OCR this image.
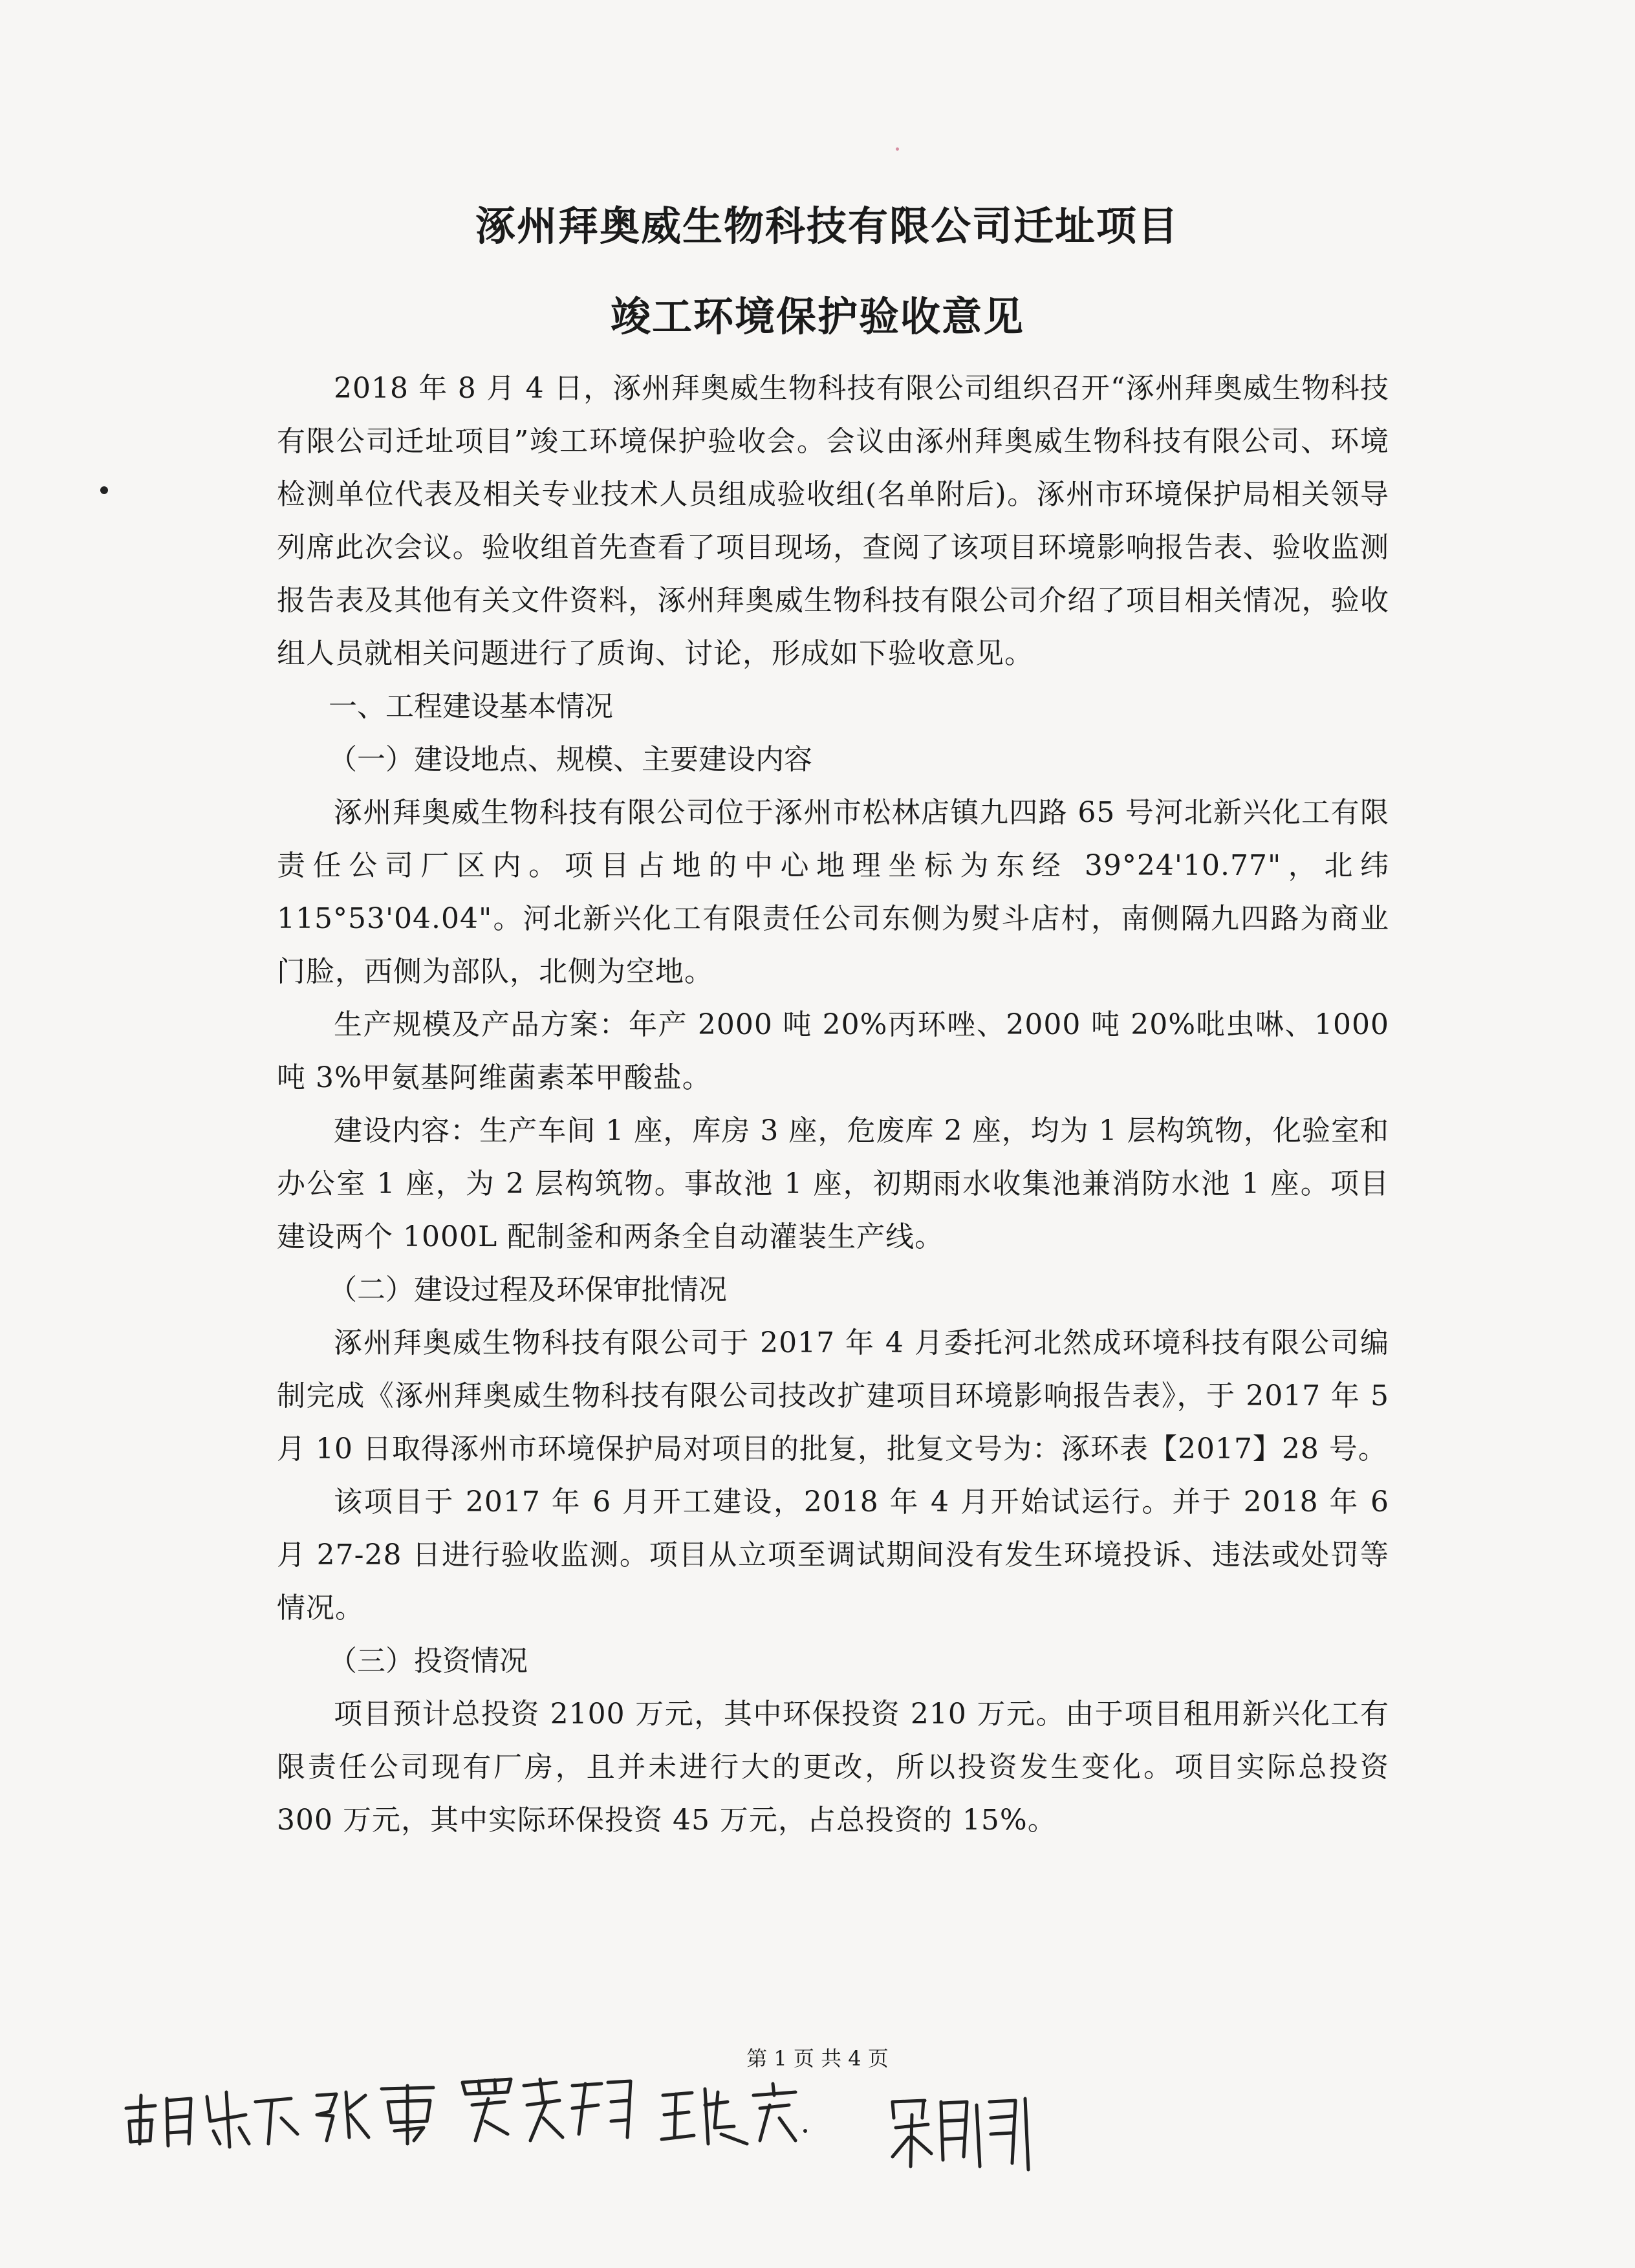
涿州拜奥威生物科技有限公司迁址项目
竣工环境保护验收意见

2018 年 8 月 4 日，涿州拜奥威生物科技有限公司组织召开“涿州拜奥威生物科技有限公司迁址项目”竣工环境保护验收会。会议由涿州拜奥威生物科技有限公司、环境检测单位代表及相关专业技术人员组成验收组(名单附后)。涿州市环境保护局相关领导列席此次会议。验收组首先查看了项目现场，查阅了该项目环境影响报告表、验收监测报告表及其他有关文件资料，涿州拜奥威生物科技有限公司介绍了项目相关情况，验收组人员就相关问题进行了质询、讨论，形成如下验收意见。

一、工程建设基本情况

（一）建设地点、规模、主要建设内容

涿州拜奥威生物科技有限公司位于涿州市松林店镇九四路 65 号河北新兴化工有限责任公司厂区内。项目占地的中心地理坐标为东经 39°24'10.77"，北纬 115°53'04.04"。河北新兴化工有限责任公司东侧为熨斗店村，南侧隔九四路为商业门脸，西侧为部队，北侧为空地。

生产规模及产品方案：年产 2000 吨 20%丙环唑、2000 吨 20%吡虫啉、1000 吨 3%甲氨基阿维菌素苯甲酸盐。

建设内容：生产车间 1 座，库房 3 座，危废库 2 座，均为 1 层构筑物，化验室和办公室 1 座，为 2 层构筑物。事故池 1 座，初期雨水收集池兼消防水池 1 座。项目建设两个 1000L 配制釜和两条全自动灌装生产线。

（二）建设过程及环保审批情况

涿州拜奥威生物科技有限公司于 2017 年 4 月委托河北然成环境科技有限公司编制完成《涿州拜奥威生物科技有限公司技改扩建项目环境影响报告表》，于 2017 年 5 月 10 日取得涿州市环境保护局对项目的批复，批复文号为：涿环表【2017】28 号。

该项目于 2017 年 6 月开工建设，2018 年 4 月开始试运行。并于 2018 年 6 月 27-28 日进行验收监测。项目从立项至调试期间没有发生环境投诉、违法或处罚等情况。

（三）投资情况

项目预计总投资 2100 万元，其中环保投资 210 万元。由于项目租用新兴化工有限责任公司现有厂房，且并未进行大的更改，所以投资发生变化。项目实际总投资 300 万元，其中实际环保投资 45 万元，占总投资的 15%。

第 1 页 共 4 页
